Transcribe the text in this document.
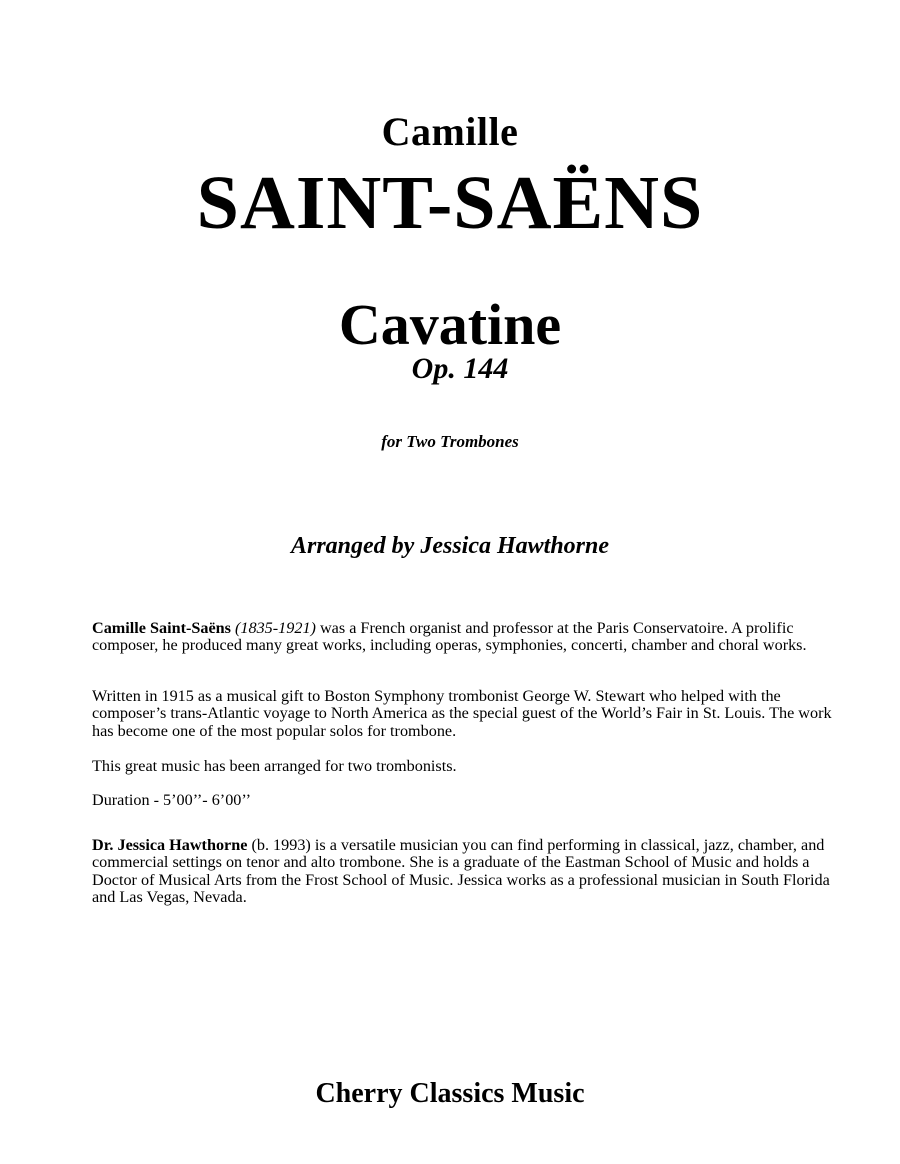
Camille
SAINT-SAËNS
Cavatine
Op. 144
for Two Trombones
Arranged by Jessica Hawthorne

Camille Saint-Saëns (1835-1921) was a French organist and professor at the Paris Conservatoire. A prolific composer, he produced many great works, including operas, symphonies, concerti, chamber and choral works.

Written in 1915 as a musical gift to Boston Symphony trombonist George W. Stewart who helped with the composer’s trans-Atlantic voyage to North America as the special guest of the World’s Fair in St. Louis. The work has become one of the most popular solos for trombone.

This great music has been arranged for two trombonists.

Duration - 5’00’’- 6’00’’

Dr. Jessica Hawthorne (b. 1993) is a versatile musician you can find performing in classical, jazz, chamber, and commercial settings on tenor and alto trombone. She is a graduate of the Eastman School of Music and holds a Doctor of Musical Arts from the Frost School of Music. Jessica works as a professional musician in South Florida and Las Vegas, Nevada.

Cherry Classics Music
